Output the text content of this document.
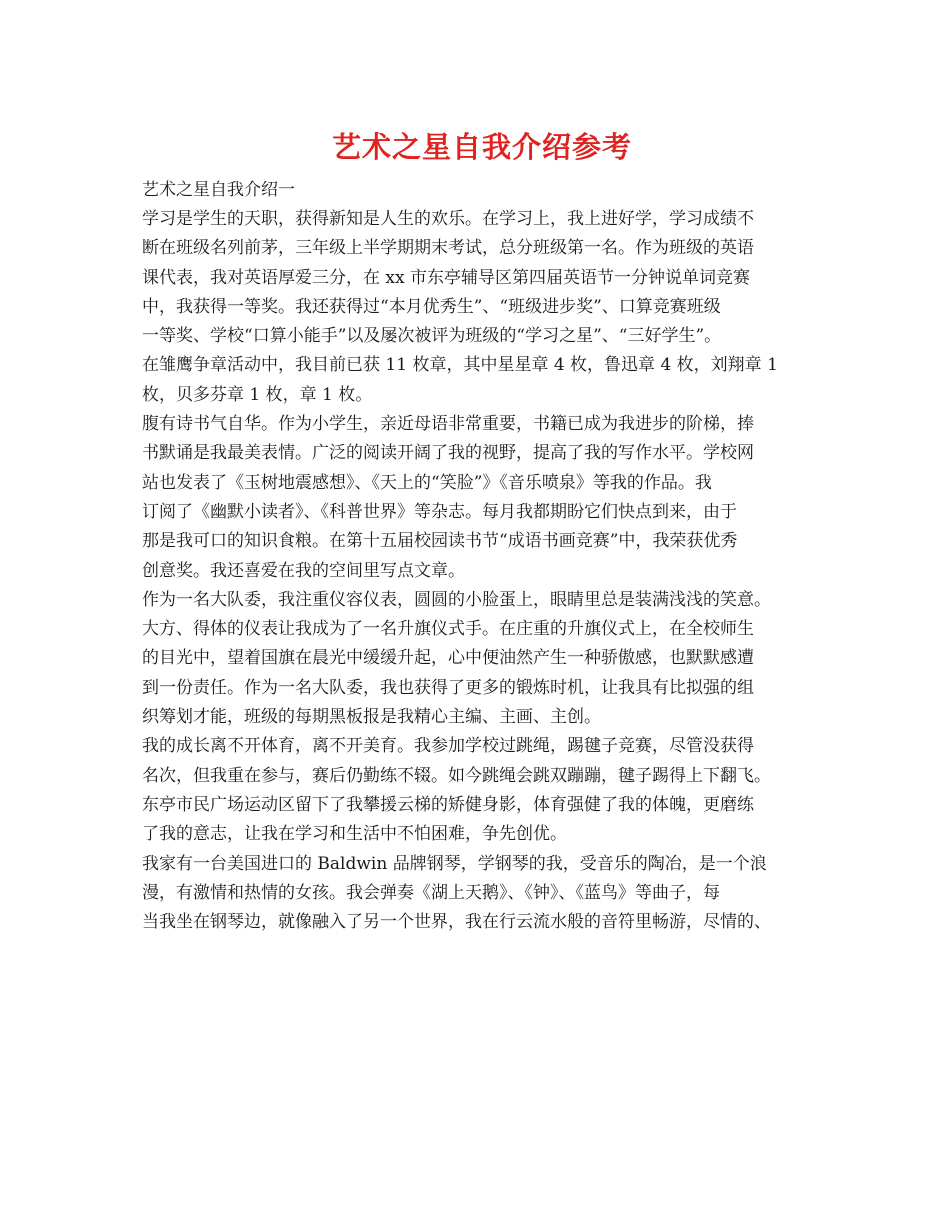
艺术之星自我介绍参考

艺术之星自我介绍一

学习是学生的天职，获得新知是人生的欢乐。在学习上，我上进好学，学习成绩不
断在班级名列前茅，三年级上半学期期末考试，总分班级第一名。作为班级的英语
课代表，我对英语厚爱三分，在 xx 市东亭辅导区第四届英语节一分钟说单词竞赛
中，我获得一等奖。我还获得过“本月优秀生”、“班级进步奖”、口算竞赛班级
一等奖、学校“口算小能手”以及屡次被评为班级的“学习之星”、“三好学生”。
在雏鹰争章活动中，我目前已获 11 枚章，其中星星章 4 枚，鲁迅章 4 枚，刘翔章 1
枚，贝多芬章 1 枚，章 1 枚。

腹有诗书气自华。作为小学生，亲近母语非常重要，书籍已成为我进步的阶梯，捧
书默诵是我最美表情。广泛的阅读开阔了我的视野，提高了我的写作水平。学校网
站也发表了《玉树地震感想》、《天上的“笑脸”》《音乐喷泉》等我的作品。我
订阅了《幽默小读者》、《科普世界》等杂志。每月我都期盼它们快点到来，由于
那是我可口的知识食粮。在第十五届校园读书节“成语书画竞赛”中，我荣获优秀
创意奖。我还喜爱在我的空间里写点文章。

作为一名大队委，我注重仪容仪表，圆圆的小脸蛋上，眼睛里总是装满浅浅的笑意。
大方、得体的仪表让我成为了一名升旗仪式手。在庄重的升旗仪式上，在全校师生
的目光中，望着国旗在晨光中缓缓升起，心中便油然产生一种骄傲感，也默默感遭
到一份责任。作为一名大队委，我也获得了更多的锻炼时机，让我具有比拟强的组
织筹划才能，班级的每期黑板报是我精心主编、主画、主创。

我的成长离不开体育，离不开美育。我参加学校过跳绳，踢毽子竞赛，尽管没获得
名次，但我重在参与，赛后仍勤练不辍。如今跳绳会跳双蹦蹦，毽子踢得上下翻飞。
东亭市民广场运动区留下了我攀援云梯的矫健身影，体育强健了我的体魄，更磨练
了我的意志，让我在学习和生活中不怕困难，争先创优。

我家有一台美国进口的 Baldwin 品牌钢琴，学钢琴的我，受音乐的陶冶，是一个浪
漫，有激情和热情的女孩。我会弹奏《湖上天鹅》、《钟》、《蓝鸟》等曲子，每
当我坐在钢琴边，就像融入了另一个世界，我在行云流水般的音符里畅游，尽情的、
